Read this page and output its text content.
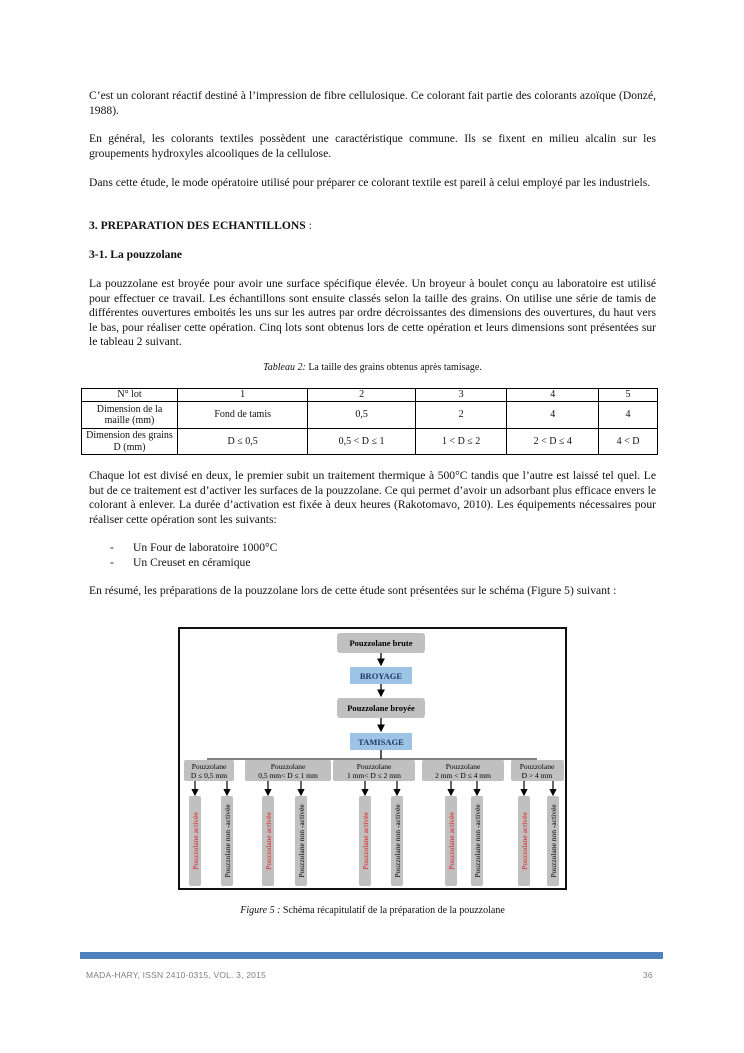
C’est un colorant réactif destiné à l’impression de fibre cellulosique. Ce colorant fait partie des colorants azoïque (Donzé, 1988).

En général, les colorants textiles possèdent une caractéristique commune. Ils se fixent en milieu alcalin sur les groupements hydroxyles alcooliques de la cellulose.

Dans cette étude, le mode opératoire utilisé pour préparer ce colorant textile est pareil à celui employé par les industriels.

3. PREPARATION DES ECHANTILLONS :

3-1. La pouzzolane

La pouzzolane est broyée pour avoir une surface spécifique élevée. Un broyeur à boulet conçu au laboratoire est utilisé pour effectuer ce travail. Les échantillons sont ensuite classés selon la taille des grains. On utilise une série de tamis de différentes ouvertures emboités les uns sur les autres par ordre décroissantes des dimensions des ouvertures, du haut vers le bas, pour réaliser cette opération. Cinq lots sont obtenus lors de cette opération et leurs dimensions sont présentées sur le tableau 2 suivant.

Tableau 2: La taille des grains obtenus après tamisage.
N° lot	1	2	3	4	5
Dimension de la maille (mm)	Fond de tamis	0,5	2	4	4
Dimension des grains D (mm)	D ≤ 0,5	0,5 < D ≤ 1	1 < D ≤ 2	2 < D ≤ 4	4 < D

Chaque lot est divisé en deux, le premier subit un traitement thermique à 500°C tandis que l’autre est laissé tel quel. Le but de ce traitement est d’activer les surfaces de la pouzzolane. Ce qui permet d’avoir un adsorbant plus efficace envers le colorant à enlever. La durée d’activation est fixée à deux heures (Rakotomavo, 2010). Les équipements nécessaires pour réaliser cette opération sont les suivants:

- Un Four de laboratoire 1000°C
- Un Creuset en céramique

En résumé, les préparations de la pouzzolane lors de cette étude sont présentées sur le schéma (Figure 5) suivant :

Pouzzolane brute
BROYAGE
Pouzzolane broyée
TAMISAGE
Pouzzolane
D ≤ 0,5 mm
Pouzzolane
0,5 mm< D ≤ 1 mm
Pouzzolane
1 mm< D ≤ 2 mm
Pouzzolane
2 mm < D ≤ 4 mm
Pouzzolane
D > 4 mm
Pouzzolane activée	Pouzzolane non -activée	Pouzzolane activée	Pouzzolane non -activée	Pouzzolane activée	Pouzzolane non -activée	Pouzzolane activée Pouzzolane non -activée	Pouzzolane activée	Pouzzolane non -activée
Figure 5 : Schéma récapitulatif de la préparation de la pouzzolane
MADA-HARY, ISSN 2410-0315, VOL. 3, 2015	36
